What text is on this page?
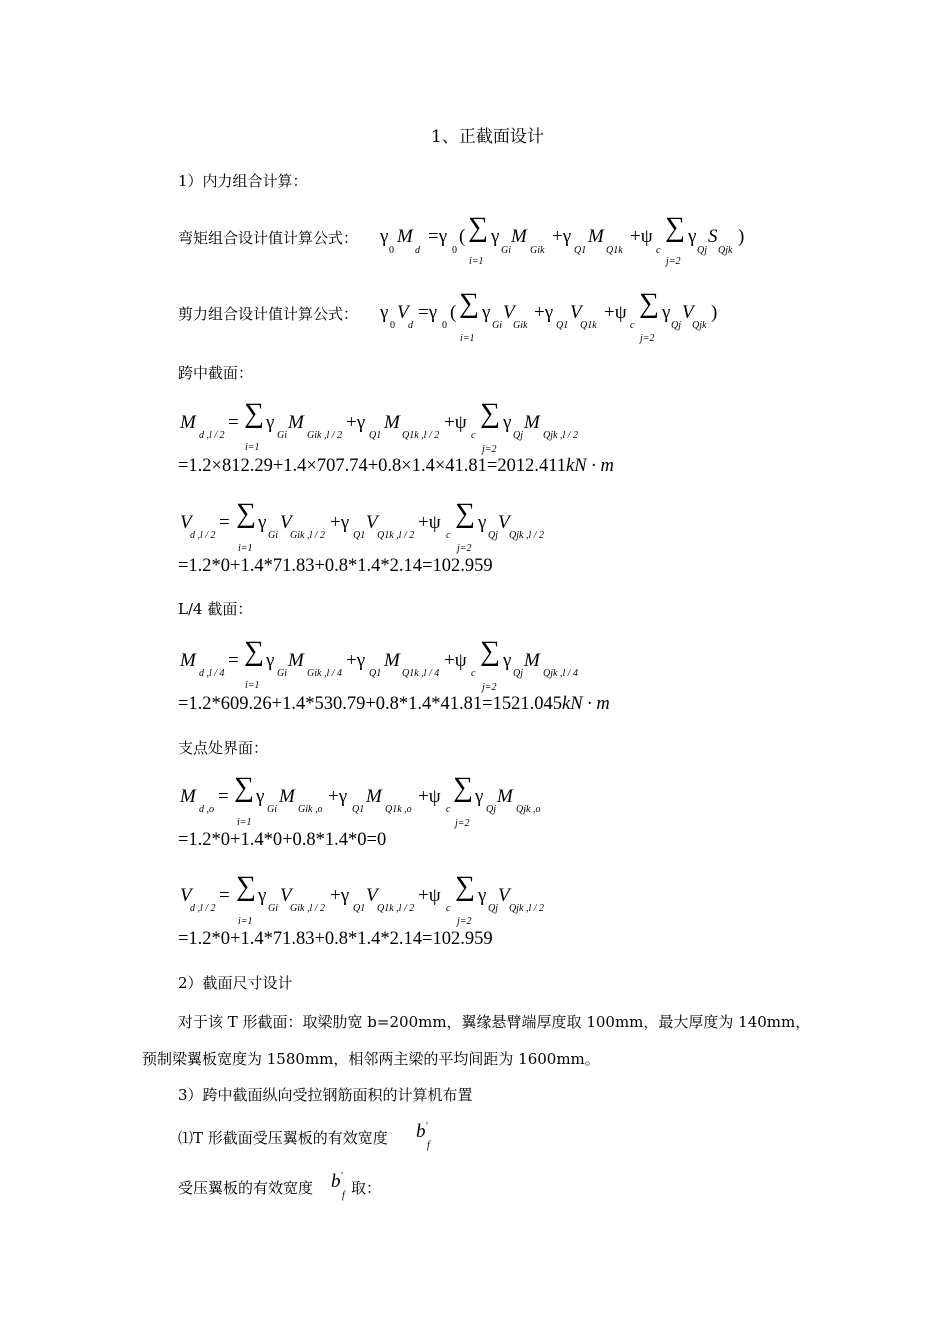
1、正截面设计
1）内力组合计算：
弯矩组合设计值计算公式： γ
0
M
d
=γ
0
( ∑
i=1
γ
Gi
M
Gik
+γ
Q1
M
Q1k
+ψ
c
∑
j=2
γ
Qj
S
Qjk
)
剪力组合设计值计算公式： γ
0
V
d
=γ
0
( ∑
i=1
γ
Gi
V
Gik
+γ
Q1
V
Q1k
+ψ
c
∑
j=2
γ
Qj
V
Qjk
)
跨中截面：
M
d ,l / 2
= ∑
i=1
γ
Gi
M
Gik ,l / 2
+γ
Q1
M
Q1k ,l / 2
+ψ
c
∑
j=2
γ
Qj
M
Qjk ,l / 2
=1.2×812.29+1.4×707.74+0.8×1.4×41.81=2012.411kN · m
V
d ,l / 2
= ∑
i=1
γ
Gi
V
Gik ,l / 2
+γ
Q1
V
Q1k ,l / 2
+ψ
c
∑
j=2
γ
Qj
V
Qjk ,l / 2
=1.2*0+1.4*71.83+0.8*1.4*2.14=102.959
L/4 截面：
M
d ,l / 4
= ∑
i=1
γ
Gi
M
Gik ,l / 4
+γ
Q1
M
Q1k ,l / 4
+ψ
c
∑
j=2
γ
Qj
M
Qjk ,l / 4
=1.2*609.26+1.4*530.79+0.8*1.4*41.81=1521.045kN · m
支点处界面：
M
d ,o
= ∑
i=1
γ
Gi
M
Gik ,o
+γ
Q1
M
Q1k ,o
+ψ
c
∑
j=2
γ
Qj
M
Qjk ,o
=1.2*0+1.4*0+0.8*1.4*0=0
V
d ,l / 2
= ∑
i=1
γ
Gi
V
Gik ,l / 2
+γ
Q1
V
Q1k ,l / 2
+ψ
c
∑
j=2
γ
Qj
V
Qjk ,l / 2
=1.2*0+1.4*71.83+0.8*1.4*2.14=102.959
2）截面尺寸设计
对于该 T 形截面：取梁肋宽 b=200mm，翼缘悬臂端厚度取 100mm，最大厚度为 140mm，
预制梁翼板宽度为 1580mm，相邻两主梁的平均间距为 1600mm。
3）跨中截面纵向受拉钢筋面积的计算机布置
⑴T 形截面受压翼板的有效宽度 b ′
f
受压翼板的有效宽度 b ′
f 取：
